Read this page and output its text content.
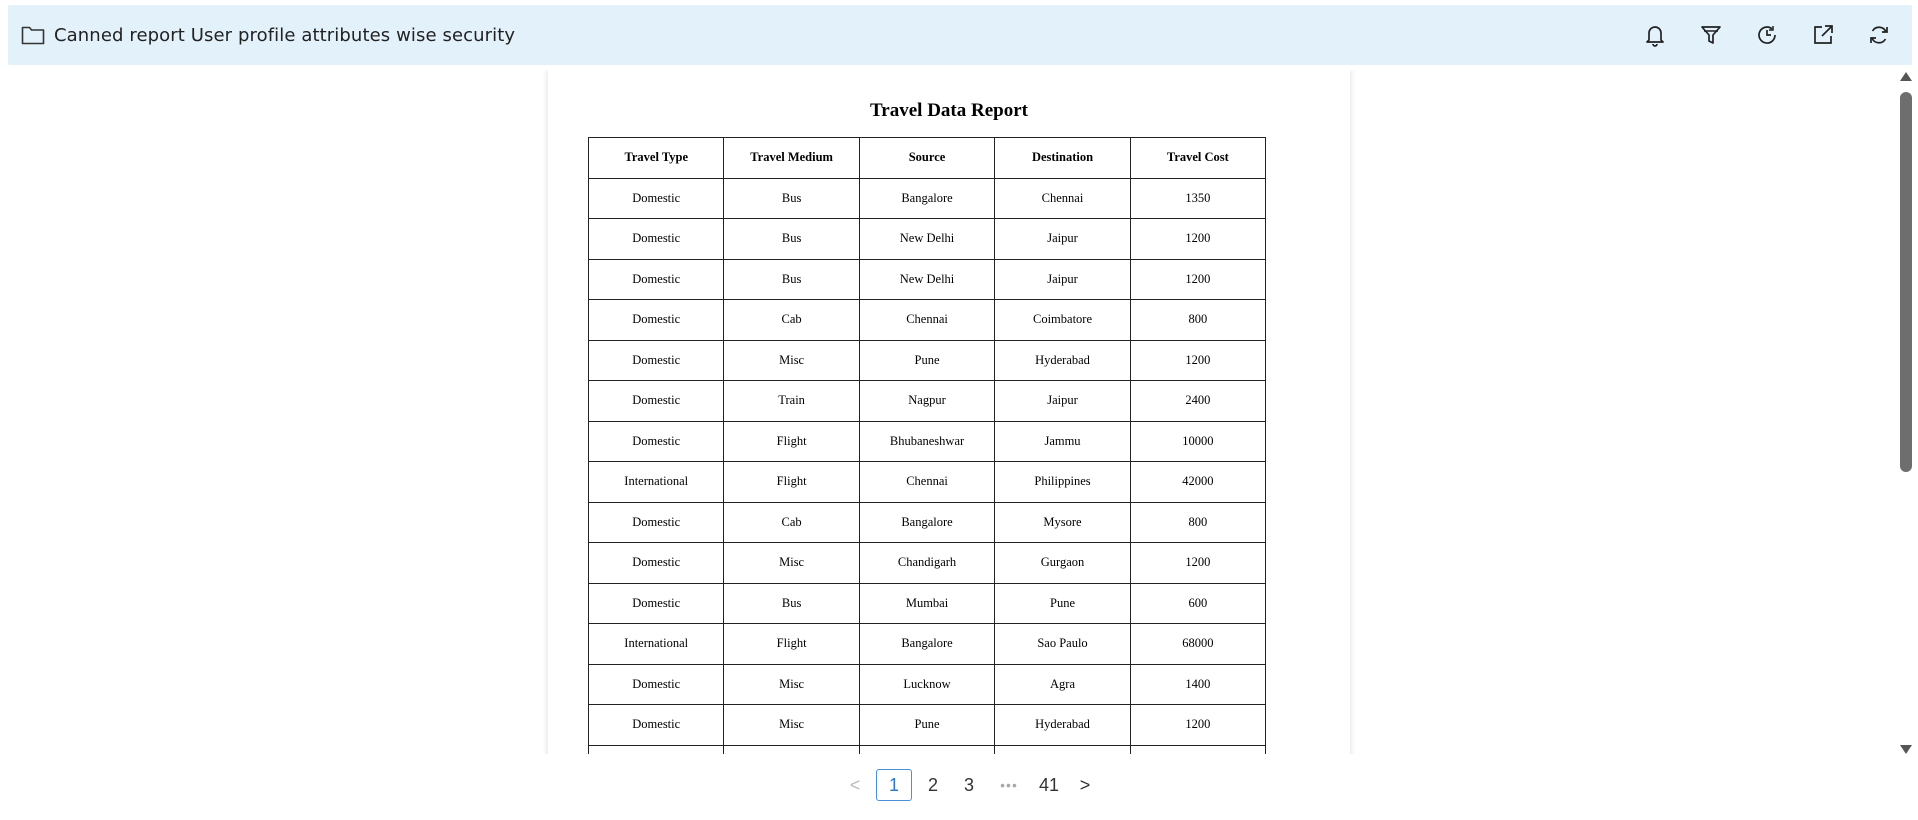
Canned report User profile attributes wise security
Travel Data Report
Travel Type	Travel Medium	Source	Destination	Travel Cost
Domestic	Bus	Bangalore	Chennai	1350
Domestic	Bus	New Delhi	Jaipur	1200
Domestic	Bus	New Delhi	Jaipur	1200
Domestic	Cab	Chennai	Coimbatore	800
Domestic	Misc	Pune	Hyderabad	1200
Domestic	Train	Nagpur	Jaipur	2400
Domestic	Flight	Bhubaneshwar	Jammu	10000
International	Flight	Chennai	Philippines	42000
Domestic	Cab	Bangalore	Mysore	800
Domestic	Misc	Chandigarh	Gurgaon	1200
Domestic	Bus	Mumbai	Pune	600
International	Flight	Bangalore	Sao Paulo	68000
Domestic	Misc	Lucknow	Agra	1400
Domestic	Misc	Pune	Hyderabad	1200

<	1	2	3	•••	41	>
